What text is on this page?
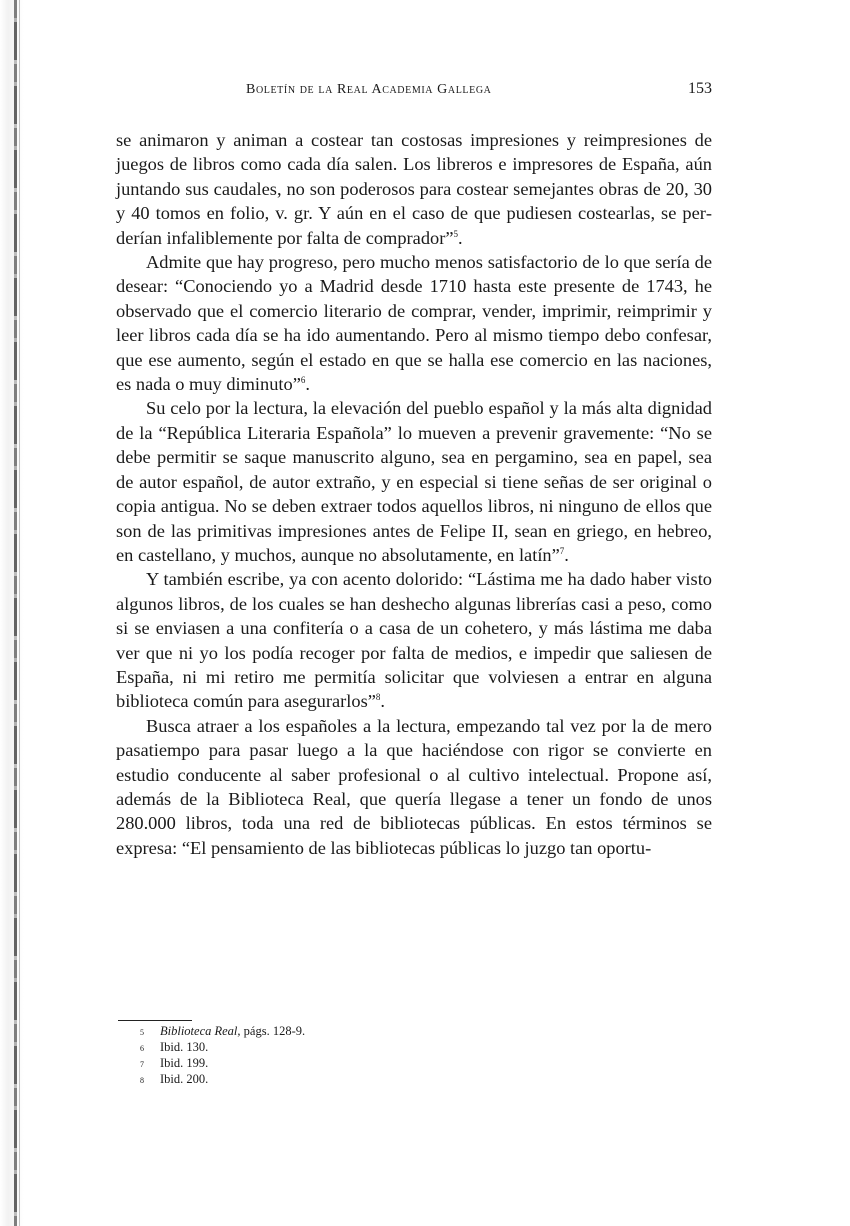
Boletín de la Real Academia Gallega	153

se animaron y animan a costear tan costosas impresiones y reimpresiones de juegos de libros como cada día salen. Los libreros e impresores de España, aún juntando sus caudales, no son poderosos para costear semejantes obras de 20, 30 y 40 tomos en folio, v. gr. Y aún en el caso de que pudiesen costearlas, se perderían infaliblemente por falta de comprador”$^5$.

Admite que hay progreso, pero mucho menos satisfactorio de lo que sería de desear: “Conociendo yo a Madrid desde 1710 hasta este presente de 1743, he observado que el comercio literario de comprar, vender, imprimir, reimprimir y leer libros cada día se ha ido aumentando. Pero al mismo tiempo debo confesar, que ese aumento, según el estado en que se halla ese comercio en las naciones, es nada o muy diminuto”$^6$.

Su celo por la lectura, la elevación del pueblo español y la más alta dignidad de la “República Literaria Española” lo mueven a prevenir gravemente: “No se debe permitir se saque manuscrito alguno, sea en pergamino, sea en papel, sea de autor español, de autor extraño, y en especial si tiene señas de ser original o copia antigua. No se deben extraer todos aquellos libros, ni ninguno de ellos que son de las primitivas impresiones antes de Felipe II, sean en griego, en hebreo, en castellano, y muchos, aunque no absolutamente, en latín”$^7$.

Y también escribe, ya con acento dolorido: “Lástima me ha dado haber visto algunos libros, de los cuales se han deshecho algunas librerías casi a peso, como si se enviasen a una confitería o a casa de un cohetero, y más lástima me daba ver que ni yo los podía recoger por falta de medios, e impedir que saliesen de España, ni mi retiro me permitía solicitar que volviesen a entrar en alguna biblioteca común para asegurarlos”$^8$.

Busca atraer a los españoles a la lectura, empezando tal vez por la de mero pasatiempo para pasar luego a la que haciéndose con rigor se convierte en estudio conducente al saber profesional o al cultivo intelectual. Propone así, además de la Biblioteca Real, que quería llegase a tener un fondo de unos 280.000 libros, toda una red de bibliotecas públicas. En estos términos se expresa: “El pensamiento de las bibliotecas públicas lo juzgo tan oportu-

5	Biblioteca Real, págs. 128-9.
6	Ibid. 130.
7	Ibid. 199.
8	Ibid. 200.
